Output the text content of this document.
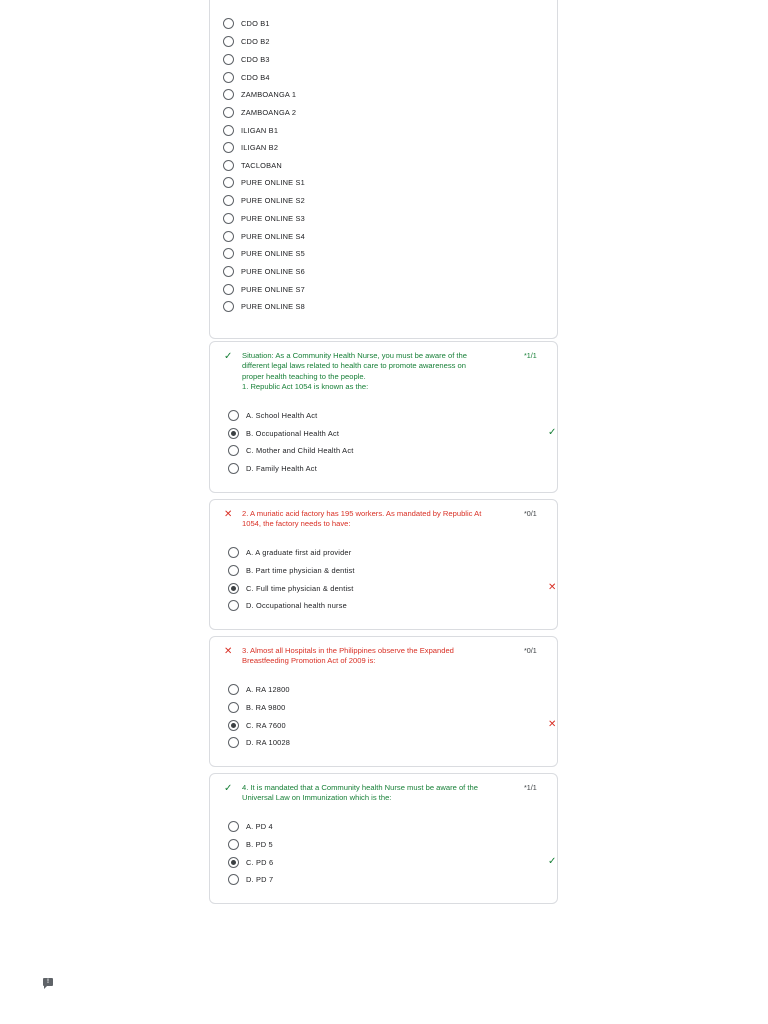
CDO B1
CDO B2
CDO B3
CDO B4
ZAMBOANGA 1
ZAMBOANGA 2
ILIGAN B1
ILIGAN B2
TACLOBAN
PURE ONLINE S1
PURE ONLINE S2
PURE ONLINE S3
PURE ONLINE S4
PURE ONLINE S5
PURE ONLINE S6
PURE ONLINE S7
PURE ONLINE S8
✓	Situation: As a Community Health Nurse, you must be aware of the
different legal laws related to health care to promote awareness on
proper health teaching to the people.
1. Republic Act 1054 is known as the:
*1/1
A. School Health Act
B. Occupational Health Act	✓
C. Mother and Child Health Act
D. Family Health Act
✕	2. A muriatic acid factory has 195 workers. As mandated by Republic At
1054, the factory needs to have:
*0/1
A. A graduate first aid provider
B. Part time physician & dentist
C. Full time physician & dentist	✕
D. Occupational health nurse
✕	3. Almost all Hospitals in the Philippines observe the Expanded
Breastfeeding Promotion Act of 2009 is:
*0/1
A. RA 12800
B. RA 9800
C. RA 7600	✕
D. RA 10028
✓	4. It is mandated that a Community health Nurse must be aware of the
Universal Law on Immunization which is the:
*1/1
A. PD 4
B. PD 5
C. PD 6	✓
D. PD 7
!
